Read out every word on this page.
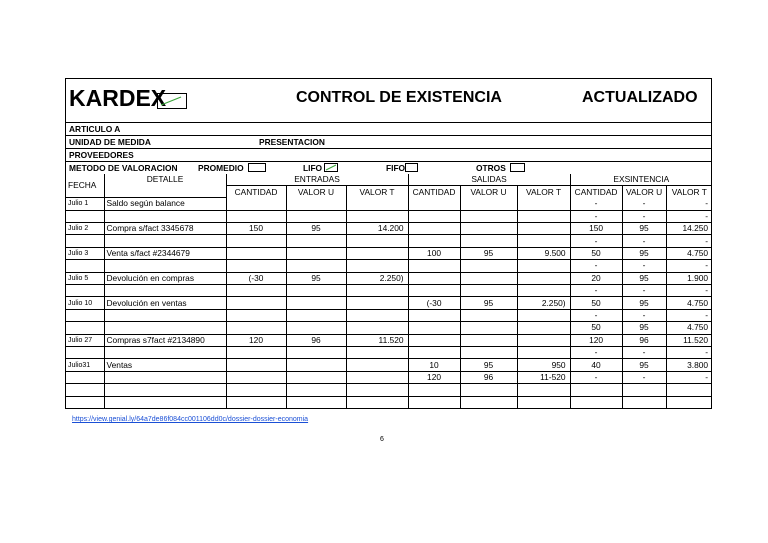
KARDEX	CONTROL DE EXISTENCIA	ACTUALIZADO
ARTICULO A
UNIDAD DE MEDIDA	PRESENTACION
PROVEEDORES
METODO DE VALORACION PROMEDIO	LIFO	FIFO	OTROS
FECHA	DETALLE	ENTRADAS			SALIDAS			EXSINTENCIA		
		CANTIDAD	VALOR U	VALOR T	CANTIDAD	VALOR U	VALOR T	CANTIDAD	VALOR U	VALOR T
Julio 1	Saldo según balance							-	-	-
								-	-	-
Julio 2	Compra s/fact 3345678	150	95	14.200				150	95	14.250
								-	-	-
Julio 3	Venta s/fact #2344679				100	95	9.500	50	95	4.750
								-	-	-
Julio 5	Devolución en compras	(-30	95	2.250)				20	95	1.900
								-	-	-
Julio 10	Devolución en ventas				(-30	95	2.250)	50	95	4.750
								-	-	-
								50	95	4.750
Julio 27	Compras s7fact #2134890	120	96	11.520				120	96	11.520
								-	-	-
Julio31	Ventas				10	95	950	40	95	3.800
					120	96	11-520	-	-	-

https://view.genial.ly/64a7de86f084cc001106dd0c/dossier-dossier-economia
6
